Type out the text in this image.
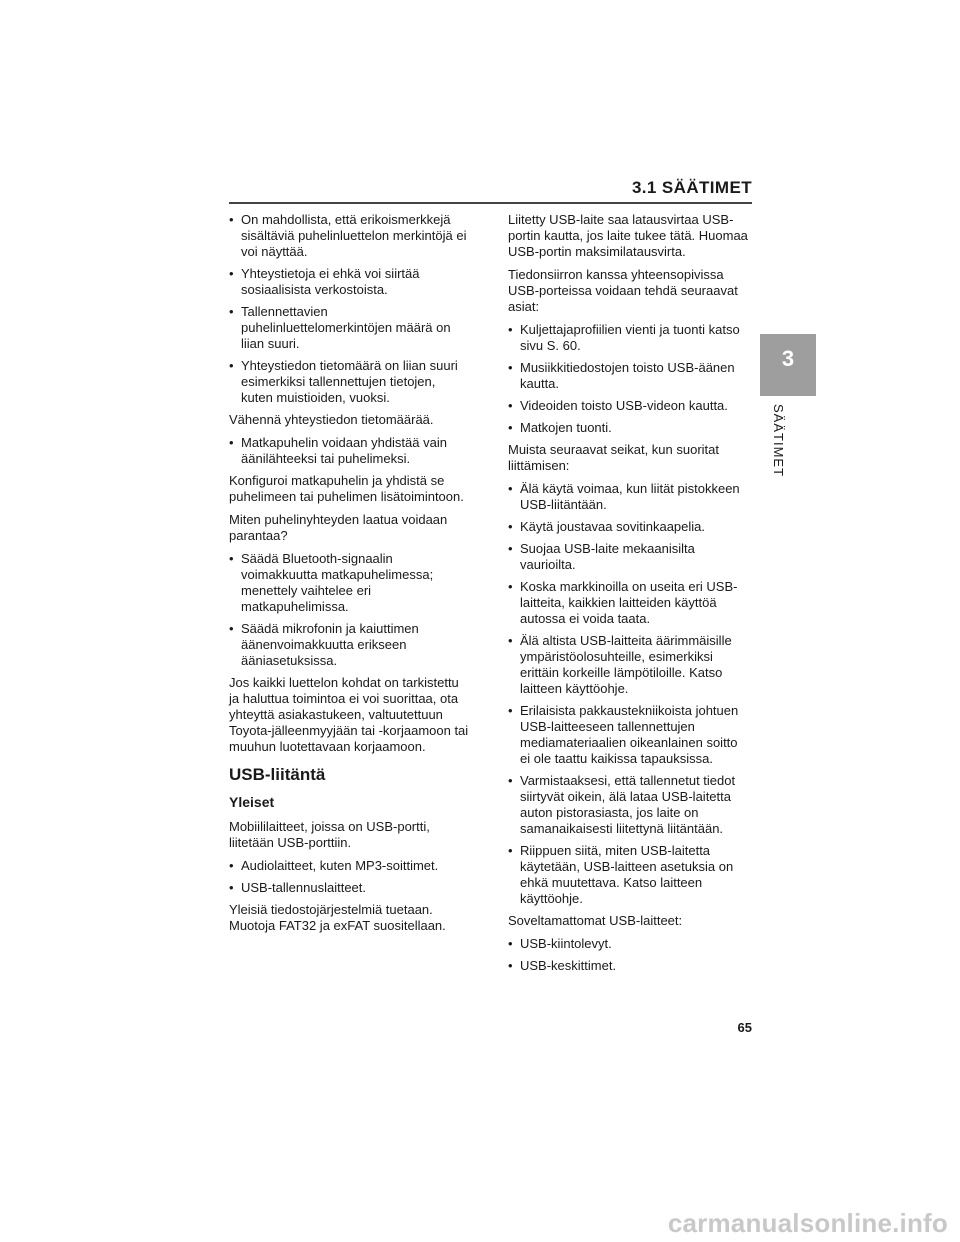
3.1 SÄÄTIMET
• On mahdollista, että erikoismerkkejä sisältäviä puhelinluettelon merkintöjä ei voi näyttää.
• Yhteystietoja ei ehkä voi siirtää sosiaalisista verkostoista.
• Tallennettavien puhelinluettelomerkintöjen määrä on liian suuri.
• Yhteystiedon tietomäärä on liian suuri esimerkiksi tallennettujen tietojen, kuten muistioiden, vuoksi.

Vähennä yhteystiedon tietomäärää.

• Matkapuhelin voidaan yhdistää vain äänilähteeksi tai puhelimeksi.

Konfiguroi matkapuhelin ja yhdistä se puhelimeen tai puhelimen lisätoimintoon.

Miten puhelinyhteyden laatua voidaan parantaa?

• Säädä Bluetooth-signaalin voimakkuutta matkapuhelimessa; menettely vaihtelee eri matkapuhelimissa.
• Säädä mikrofonin ja kaiuttimen äänenvoimakkuutta erikseen ääniasetuksissa.

Jos kaikki luettelon kohdat on tarkistettu ja haluttua toimintoa ei voi suorittaa, ota yhteyttä asiakastukeen, valtuutettuun Toyota-jälleenmyyjään tai -korjaamoon tai muuhun luotettavaan korjaamoon.

USB-liitäntä
Yleiset

Mobiililaitteet, joissa on USB-portti, liitetään USB-porttiin.

• Audiolaitteet, kuten MP3-soittimet.
• USB-tallennuslaitteet.

Yleisiä tiedostojärjestelmiä tuetaan. Muotoja FAT32 ja exFAT suositellaan.

Liitetty USB-laite saa latausvirtaa USB-portin kautta, jos laite tukee tätä. Huomaa USB-portin maksimilatausvirta.

Tiedonsiirron kanssa yhteensopivissa USB-porteissa voidaan tehdä seuraavat asiat:

• Kuljettajaprofiilien vienti ja tuonti katso sivu S. 60.
• Musiikkitiedostojen toisto USB-äänen kautta.
• Videoiden toisto USB-videon kautta.
• Matkojen tuonti.

Muista seuraavat seikat, kun suoritat liittämisen:

• Älä käytä voimaa, kun liität pistokkeen USB-liitäntään.
• Käytä joustavaa sovitinkaapelia.
• Suojaa USB-laite mekaanisilta vaurioilta.
• Koska markkinoilla on useita eri USB-laitteita, kaikkien laitteiden käyttöä autossa ei voida taata.
• Älä altista USB-laitteita äärimmäisille ympäristöolosuhteille, esimerkiksi erittäin korkeille lämpötiloille. Katso laitteen käyttöohje.
• Erilaisista pakkaustekniikoista johtuen USB-laitteeseen tallennettujen mediamateriaalien oikeanlainen soitto ei ole taattu kaikissa tapauksissa.
• Varmistaaksesi, että tallennetut tiedot siirtyvät oikein, älä lataa USB-laitetta auton pistorasiasta, jos laite on samanaikaisesti liitettynä liitäntään.
• Riippuen siitä, miten USB-laitetta käytetään, USB-laitteen asetuksia on ehkä muutettava. Katso laitteen käyttöohje.

Soveltamattomat USB-laitteet:

• USB-kiintolevyt.
• USB-keskittimet.
3
SÄÄTIMET
65
carmanualsonline.info
